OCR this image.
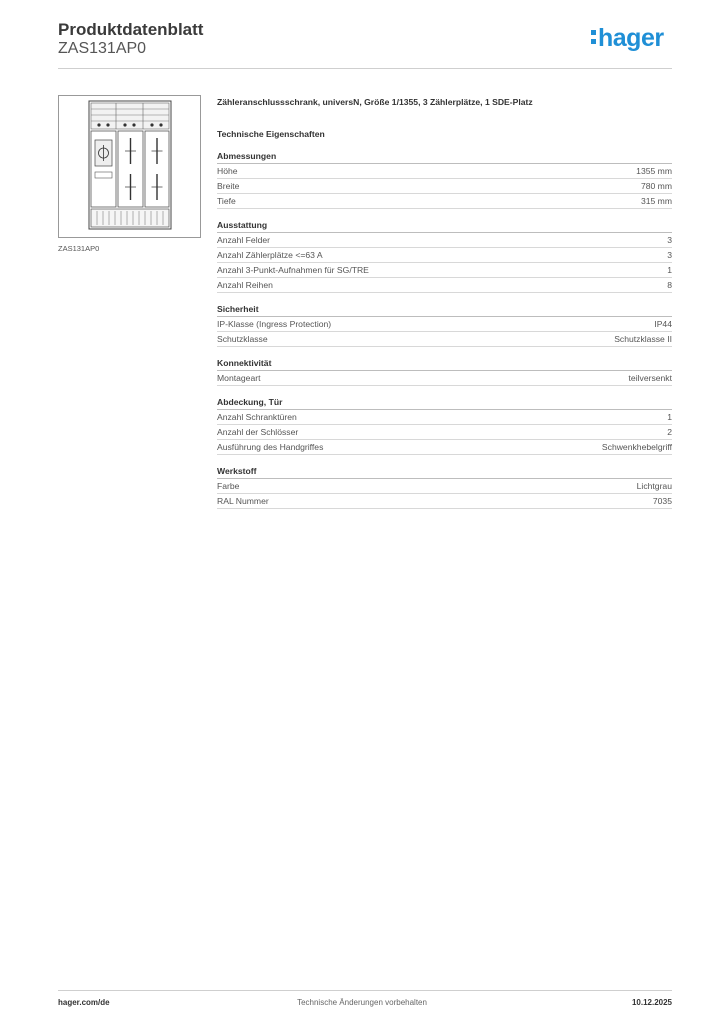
Produktdatenblatt
ZAS131AP0	hager
ZAS131AP0
Zähleranschlussschrank, universN, Größe 1/1355, 3 Zählerplätze, 1 SDE-Platz
Technische Eigenschaften
Abmessungen
Höhe	1355 mm
Breite	780 mm
Tiefe	315 mm
Ausstattung
Anzahl Felder	3
Anzahl Zählerplätze <=63 A	3
Anzahl 3-Punkt-Aufnahmen für SG/TRE	1
Anzahl Reihen	8
Sicherheit
IP-Klasse (Ingress Protection)	IP44
Schutzklasse	Schutzklasse II
Konnektivität
Montageart	teilversenkt
Abdeckung, Tür
Anzahl Schranktüren	1
Anzahl der Schlösser	2
Ausführung des Handgriffes	Schwenkhebelgriff
Werkstoff
Farbe	Lichtgrau
RAL Nummer	7035
Technische Änderungen vorbehalten
hager.com/de	10.12.2025
